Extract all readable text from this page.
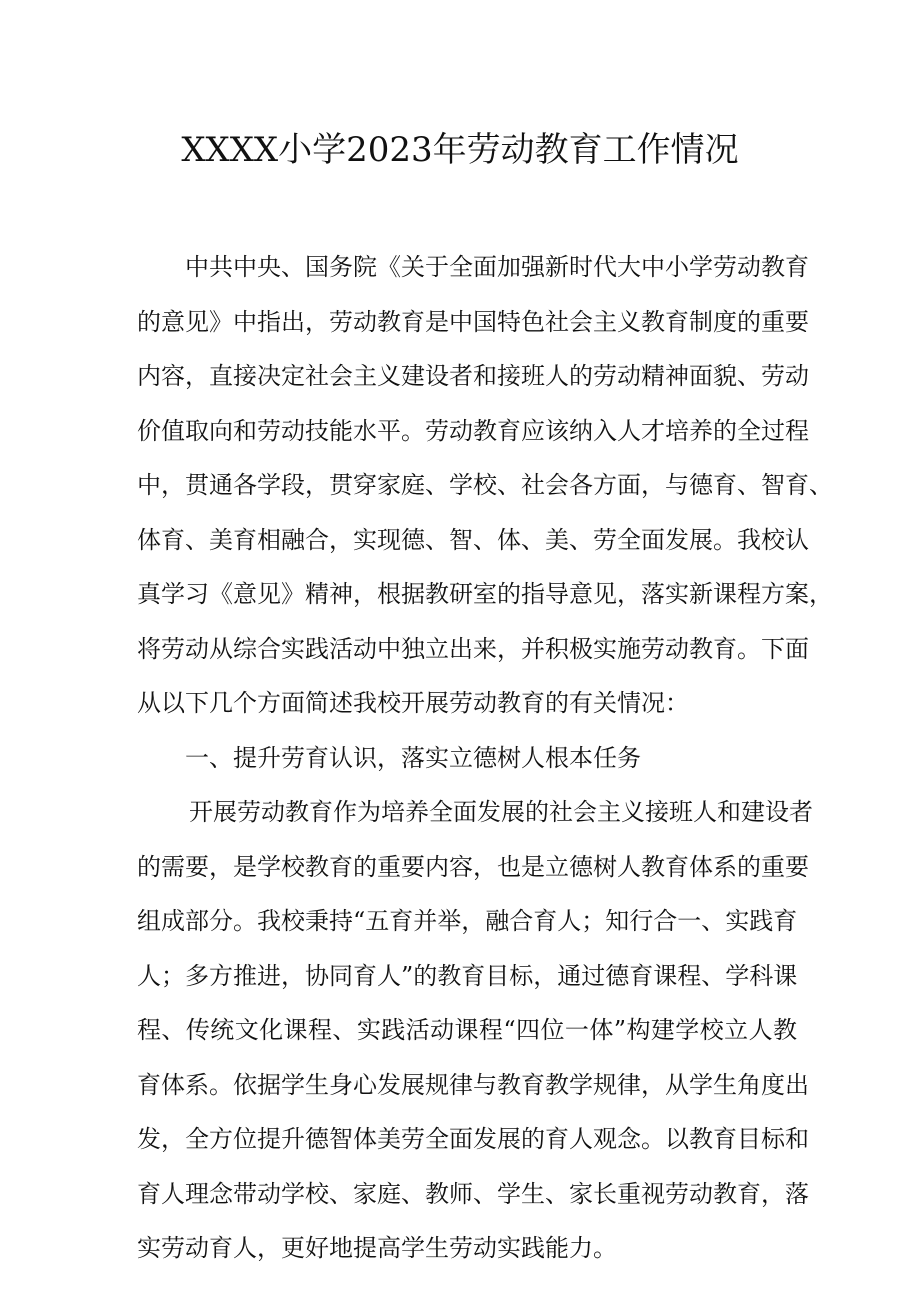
XXXX小学2023年劳动教育工作情况
中共中央、国务院《关于全面加强新时代大中小学劳动教育
的意见》中指出，劳动教育是中国特色社会主义教育制度的重要
内容，直接决定社会主义建设者和接班人的劳动精神面貌、劳动
价值取向和劳动技能水平。劳动教育应该纳入人才培养的全过程
中，贯通各学段，贯穿家庭、学校、社会各方面，与德育、智育、
体育、美育相融合，实现德、智、体、美、劳全面发展。我校认
真学习《意见》精神，根据教研室的指导意见，落实新课程方案，
将劳动从综合实践活动中独立出来，并积极实施劳动教育。下面
从以下几个方面简述我校开展劳动教育的有关情况：
一、提升劳育认识，落实立德树人根本任务
开展劳动教育作为培养全面发展的社会主义接班人和建设者
的需要，是学校教育的重要内容，也是立德树人教育体系的重要
组成部分。我校秉持“五育并举，融合育人；知行合一、实践育
人；多方推进，协同育人”的教育目标，通过德育课程、学科课
程、传统文化课程、实践活动课程“四位一体”构建学校立人教
育体系。依据学生身心发展规律与教育教学规律，从学生角度出
发，全方位提升德智体美劳全面发展的育人观念。以教育目标和
育人理念带动学校、家庭、教师、学生、家长重视劳动教育，落
实劳动育人，更好地提高学生劳动实践能力。
